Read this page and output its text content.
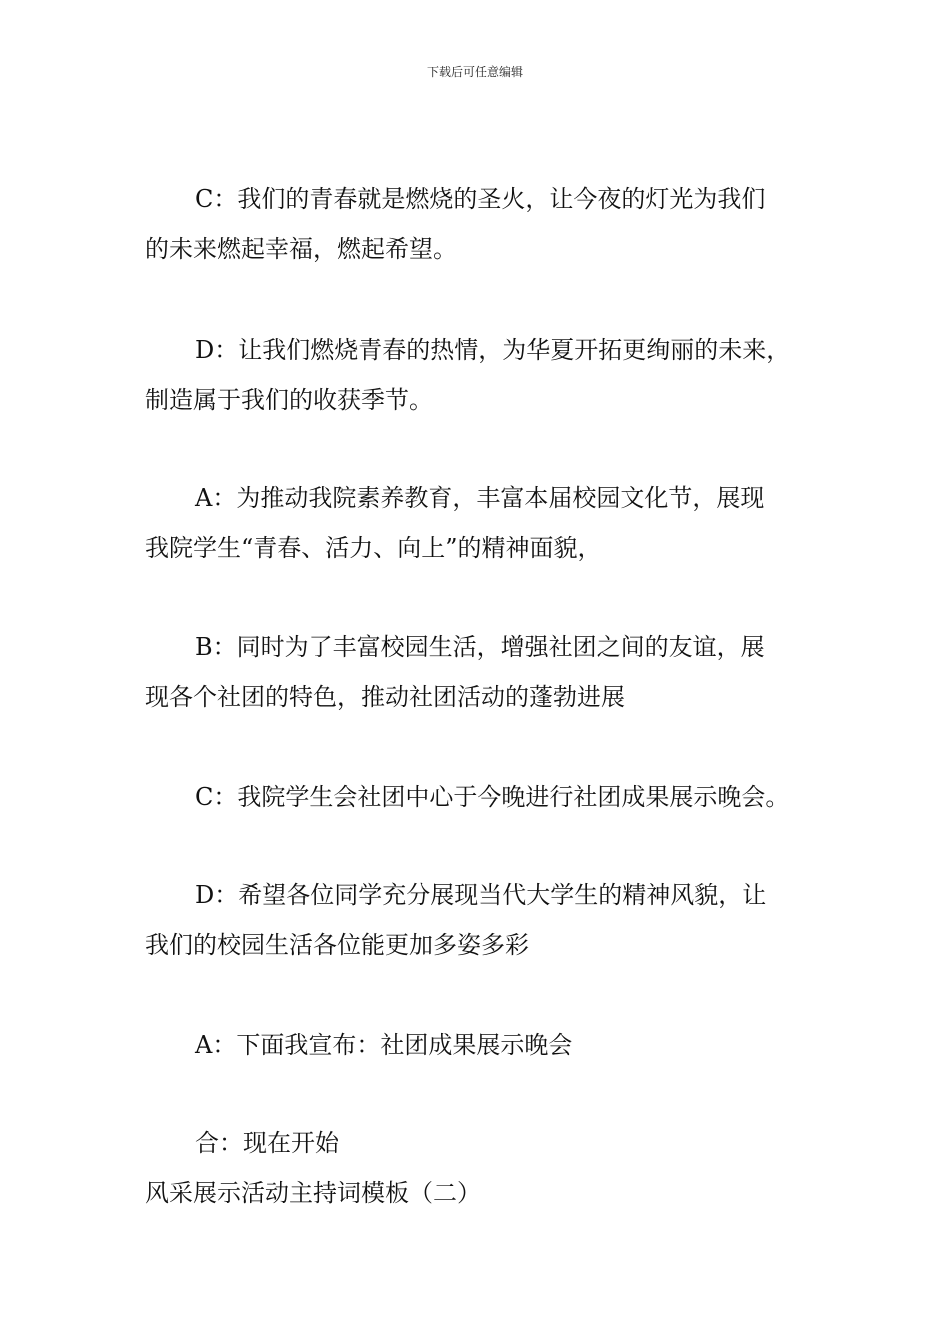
下载后可任意编辑
C：我们的青春就是燃烧的圣火，让今夜的灯光为我们
的未来燃起幸福，燃起希望。
D：让我们燃烧青春的热情，为华夏开拓更绚丽的未来，
制造属于我们的收获季节。
A：为推动我院素养教育，丰富本届校园文化节，展现
我院学生“青春、活力、向上”的精神面貌，
B：同时为了丰富校园生活，增强社团之间的友谊，展
现各个社团的特色，推动社团活动的蓬勃进展
C：我院学生会社团中心于今晚进行社团成果展示晚会。
D：希望各位同学充分展现当代大学生的精神风貌，让
我们的校园生活各位能更加多姿多彩
A：下面我宣布：社团成果展示晚会
合：现在开始
风采展示活动主持词模板（二）
